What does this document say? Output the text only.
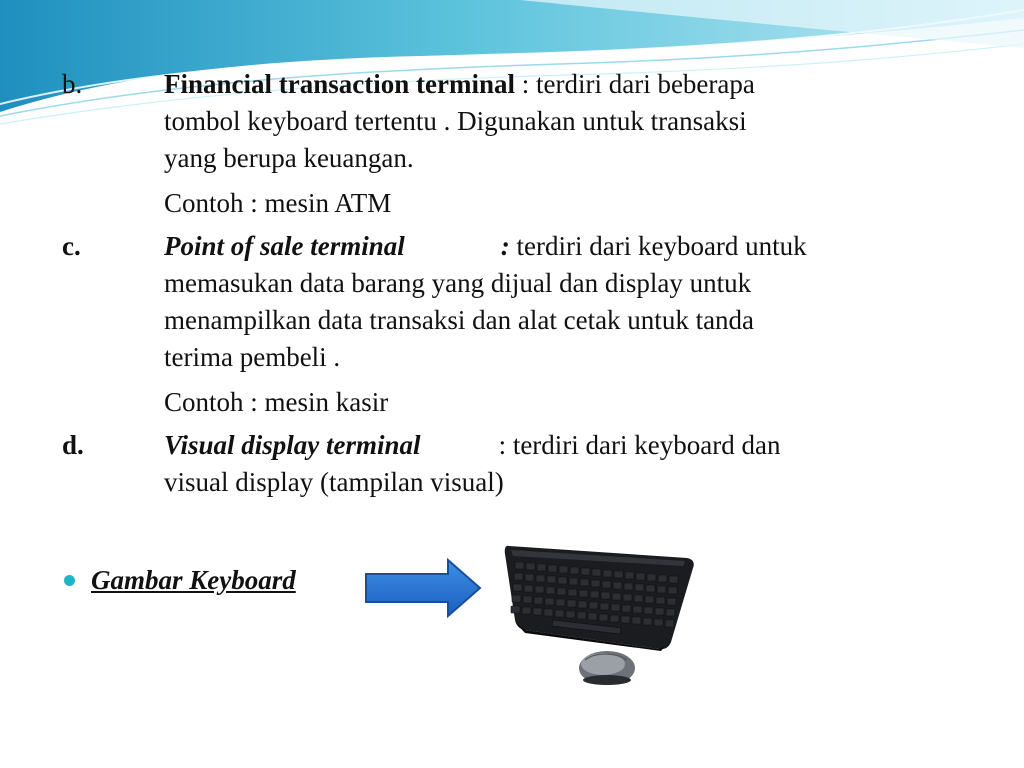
b.	Financial transaction terminal : terdiri dari beberapa
tombol keyboard tertentu . Digunakan untuk transaksi
yang berupa keuangan.
Contoh : mesin ATM
c.	Point of sale terminal	: terdiri dari keyboard untuk
memasukan data barang yang dijual dan display untuk
menampilkan data transaksi dan alat cetak untuk tanda
terima pembeli .
Contoh : mesin kasir
d.	Visual display terminal	: terdiri dari keyboard dan
visual display (tampilan visual)
Gambar Keyboard
